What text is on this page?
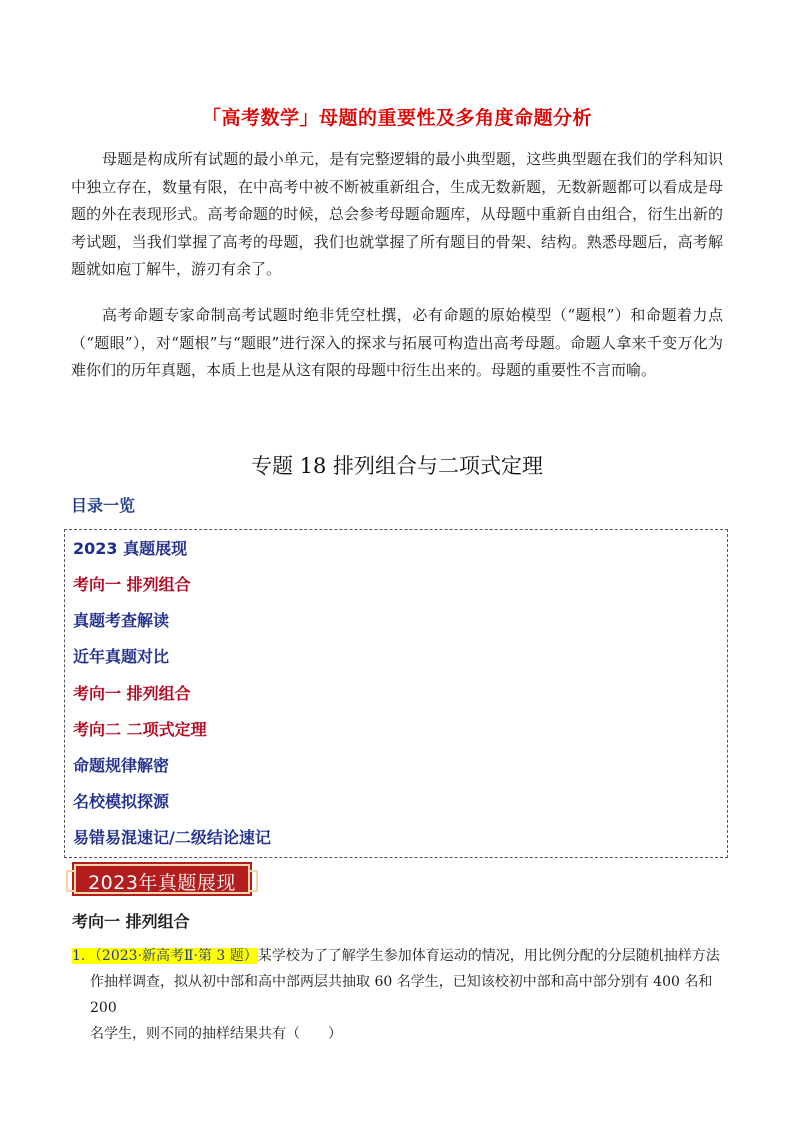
「高考数学」母题的重要性及多角度命题分析

母题是构成所有试题的最小单元，是有完整逻辑的最小典型题，这些典型题在我们的学科知识中独立存在，数量有限，在中高考中被不断被重新组合，生成无数新题，无数新题都可以看成是母题的外在表现形式。高考命题的时候，总会参考母题命题库，从母题中重新自由组合，衍生出新的考试题，当我们掌握了高考的母题，我们也就掌握了所有题目的骨架、结构。熟悉母题后，高考解题就如庖丁解牛，游刃有余了。

高考命题专家命制高考试题时绝非凭空杜撰，必有命题的原始模型（“题根”）和命题着力点（“题眼”），对“题根”与“题眼”进行深入的探求与拓展可构造出高考母题。命题人拿来千变万化为难你们的历年真题，本质上也是从这有限的母题中衍生出来的。母题的重要性不言而喻。

专题 18 排列组合与二项式定理
目录一览
2023 真题展现
考向一 排列组合
真题考查解读
近年真题对比
考向一 排列组合
考向二 二项式定理
命题规律解密
名校模拟探源
易错易混速记/二级结论速记
2023年真题展现
考向一 排列组合
1．（2023·新高考Ⅱ·第 3 题）某学校为了了解学生参加体育运动的情况，用比例分配的分层随机抽样方法
作抽样调查，拟从初中部和高中部两层共抽取 60 名学生，已知该校初中部和高中部分别有 400 名和 200
名学生，则不同的抽样结果共有（　　）
